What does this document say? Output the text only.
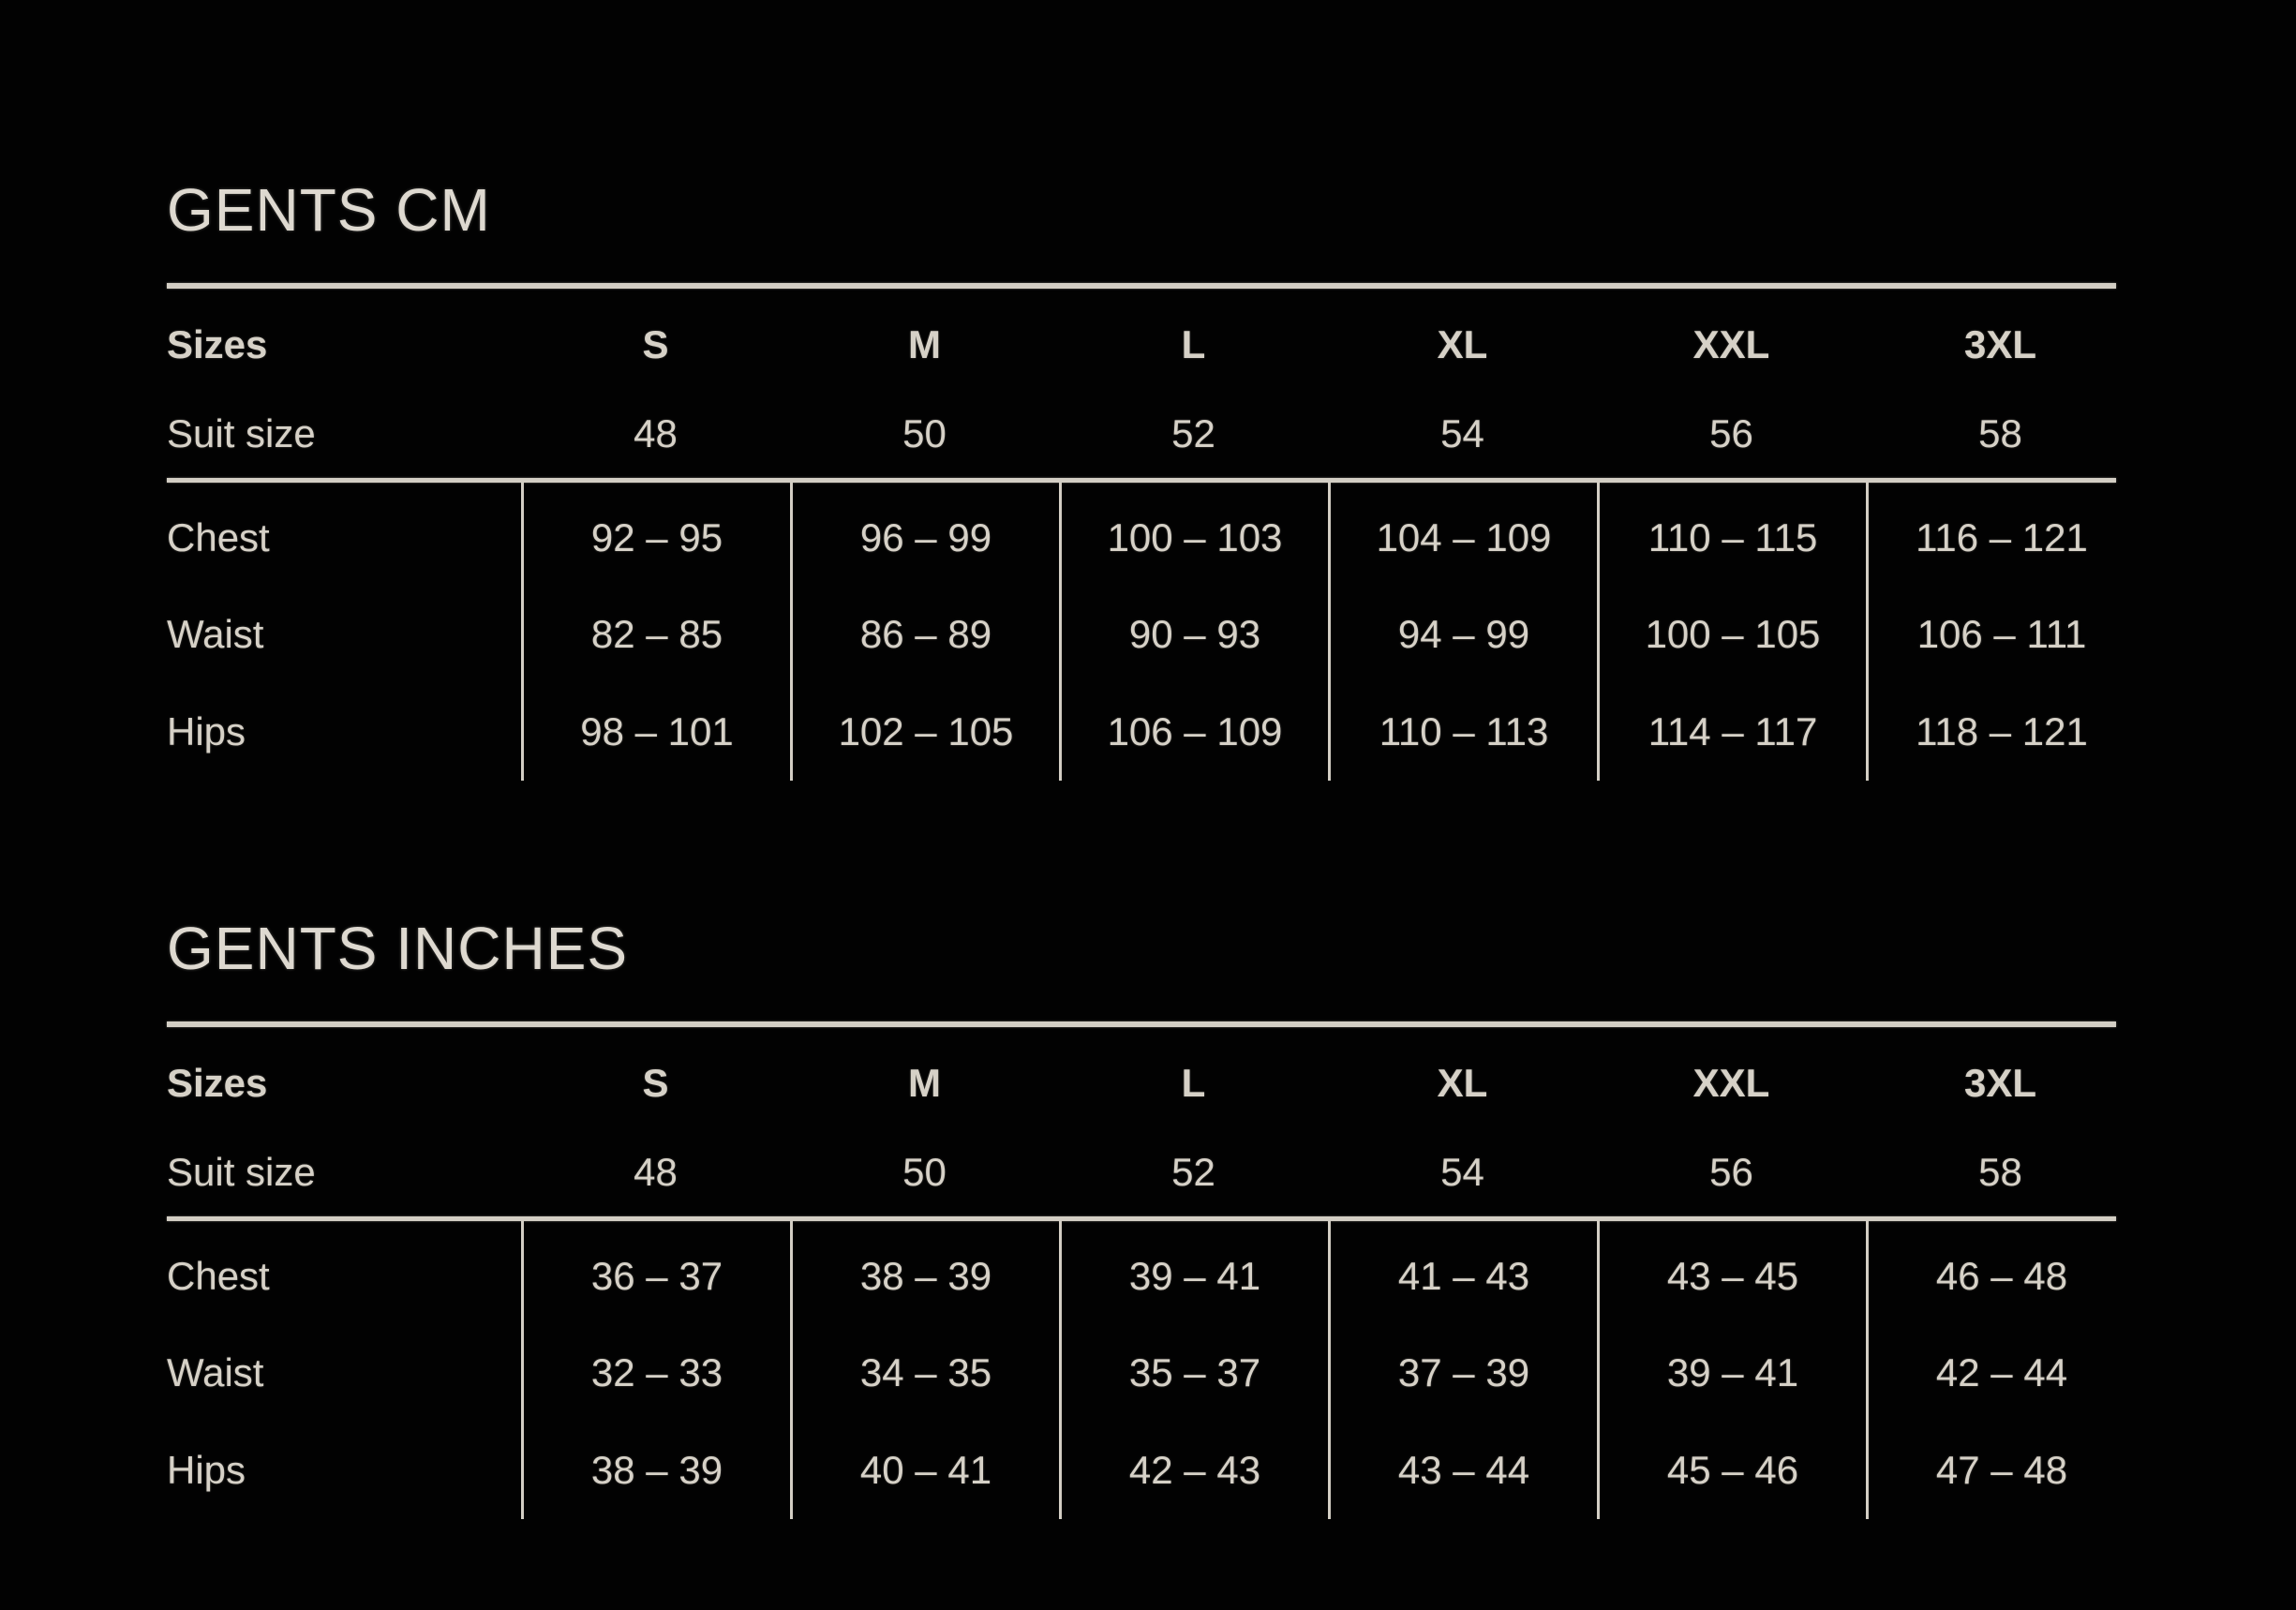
GENTS CM
Sizes	S	M	L	XL	XXL	3XL
Suit size	48	50	52	54	56	58
Chest	92 – 95	96 – 99	100 – 103	104 – 109	110 – 115	116 – 121
Waist	82 – 85	86 – 89	90 – 93	94 – 99	100 – 105	106 – 111
Hips	98 – 101	102 – 105	106 – 109	110 – 113	114 – 117	118 – 121
GENTS INCHES
Sizes	S	M	L	XL	XXL	3XL
Suit size	48	50	52	54	56	58
Chest	36 – 37	38 – 39	39 – 41	41 – 43	43 – 45	46 – 48
Waist	32 – 33	34 – 35	35 – 37	37 – 39	39 – 41	42 – 44
Hips	38 – 39	40 – 41	42 – 43	43 – 44	45 – 46	47 – 48
